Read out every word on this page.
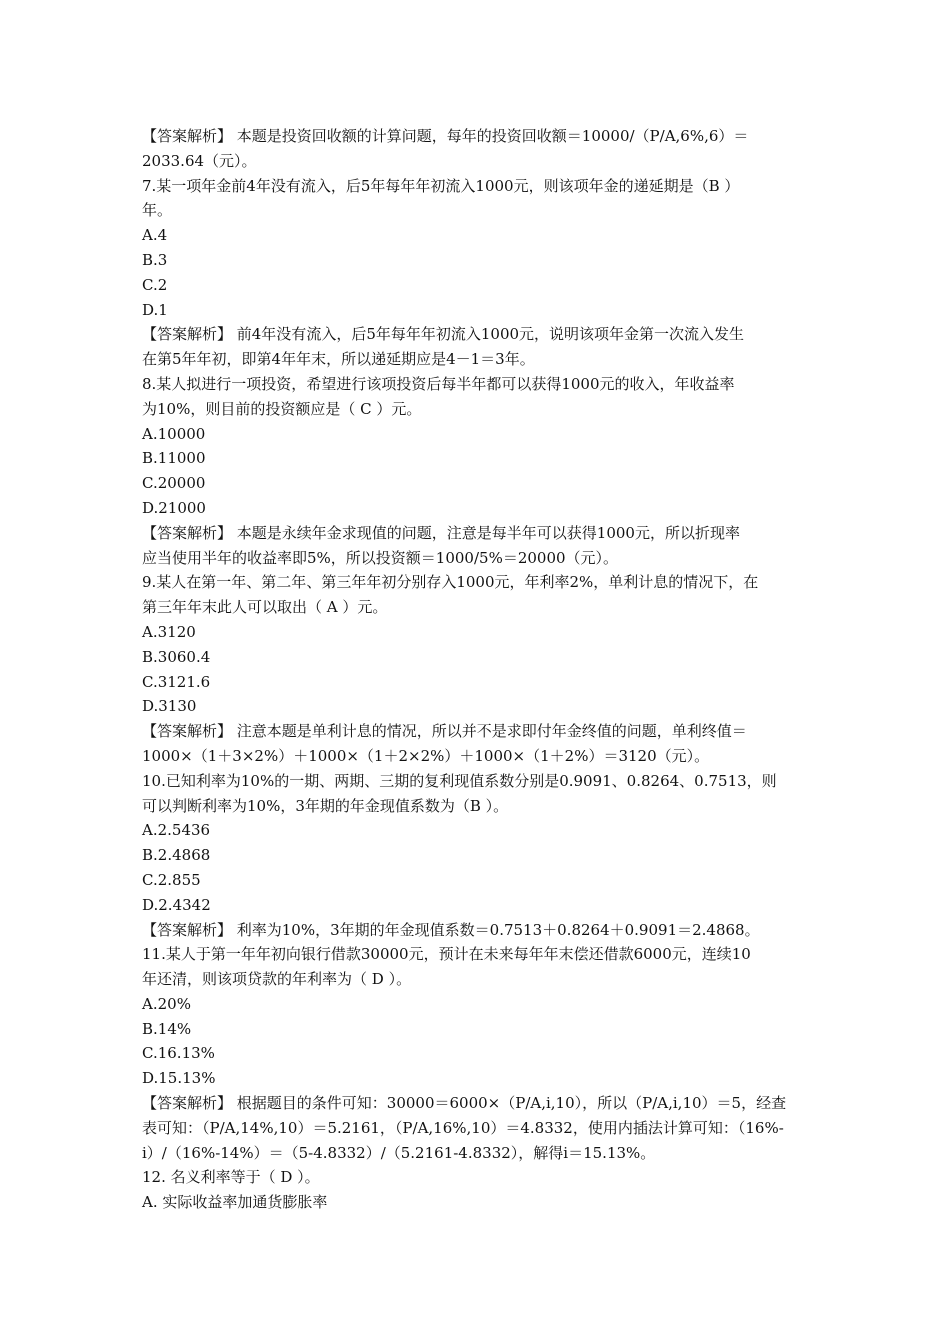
【答案解析】 本题是投资回收额的计算问题，每年的投资回收额＝10000/（P/A,6%,6）＝
2033.64（元）。
7.某一项年金前4年没有流入，后5年每年年初流入1000元，则该项年金的递延期是（B ）
年。
A.4
B.3
C.2
D.1
【答案解析】 前4年没有流入，后5年每年年初流入1000元，说明该项年金第一次流入发生
在第5年年初，即第4年年末，所以递延期应是4－1＝3年。
8.某人拟进行一项投资，希望进行该项投资后每半年都可以获得1000元的收入，年收益率
为10%，则目前的投资额应是（ C ）元。
A.10000
B.11000
C.20000
D.21000
【答案解析】 本题是永续年金求现值的问题，注意是每半年可以获得1000元，所以折现率
应当使用半年的收益率即5%，所以投资额＝1000/5%＝20000（元）。
9.某人在第一年、第二年、第三年年初分别存入1000元，年利率2%，单利计息的情况下，在
第三年年末此人可以取出（ A ）元。
A.3120
B.3060.4
C.3121.6
D.3130
【答案解析】 注意本题是单利计息的情况，所以并不是求即付年金终值的问题，单利终值＝
1000×（1＋3×2%）＋1000×（1＋2×2%）＋1000×（1＋2%）＝3120（元）。
10.已知利率为10%的一期、两期、三期的复利现值系数分别是0.9091、0.8264、0.7513，则
可以判断利率为10%，3年期的年金现值系数为（B ）。
A.2.5436
B.2.4868
C.2.855
D.2.4342
【答案解析】 利率为10%，3年期的年金现值系数＝0.7513＋0.8264＋0.9091＝2.4868。
11.某人于第一年年初向银行借款30000元，预计在未来每年年末偿还借款6000元，连续10
年还清，则该项贷款的年利率为（ D ）。
A.20%
B.14%
C.16.13%
D.15.13%
【答案解析】 根据题目的条件可知：30000＝6000×（P/A,i,10），所以（P/A,i,10）＝5，经查
表可知：（P/A,14%,10）＝5.2161，（P/A,16%,10）＝4.8332，使用内插法计算可知：（16%-
i）/（16%-14%）＝（5-4.8332）/（5.2161-4.8332），解得i＝15.13%。
12. 名义利率等于（ D ）。
A. 实际收益率加通货膨胀率
